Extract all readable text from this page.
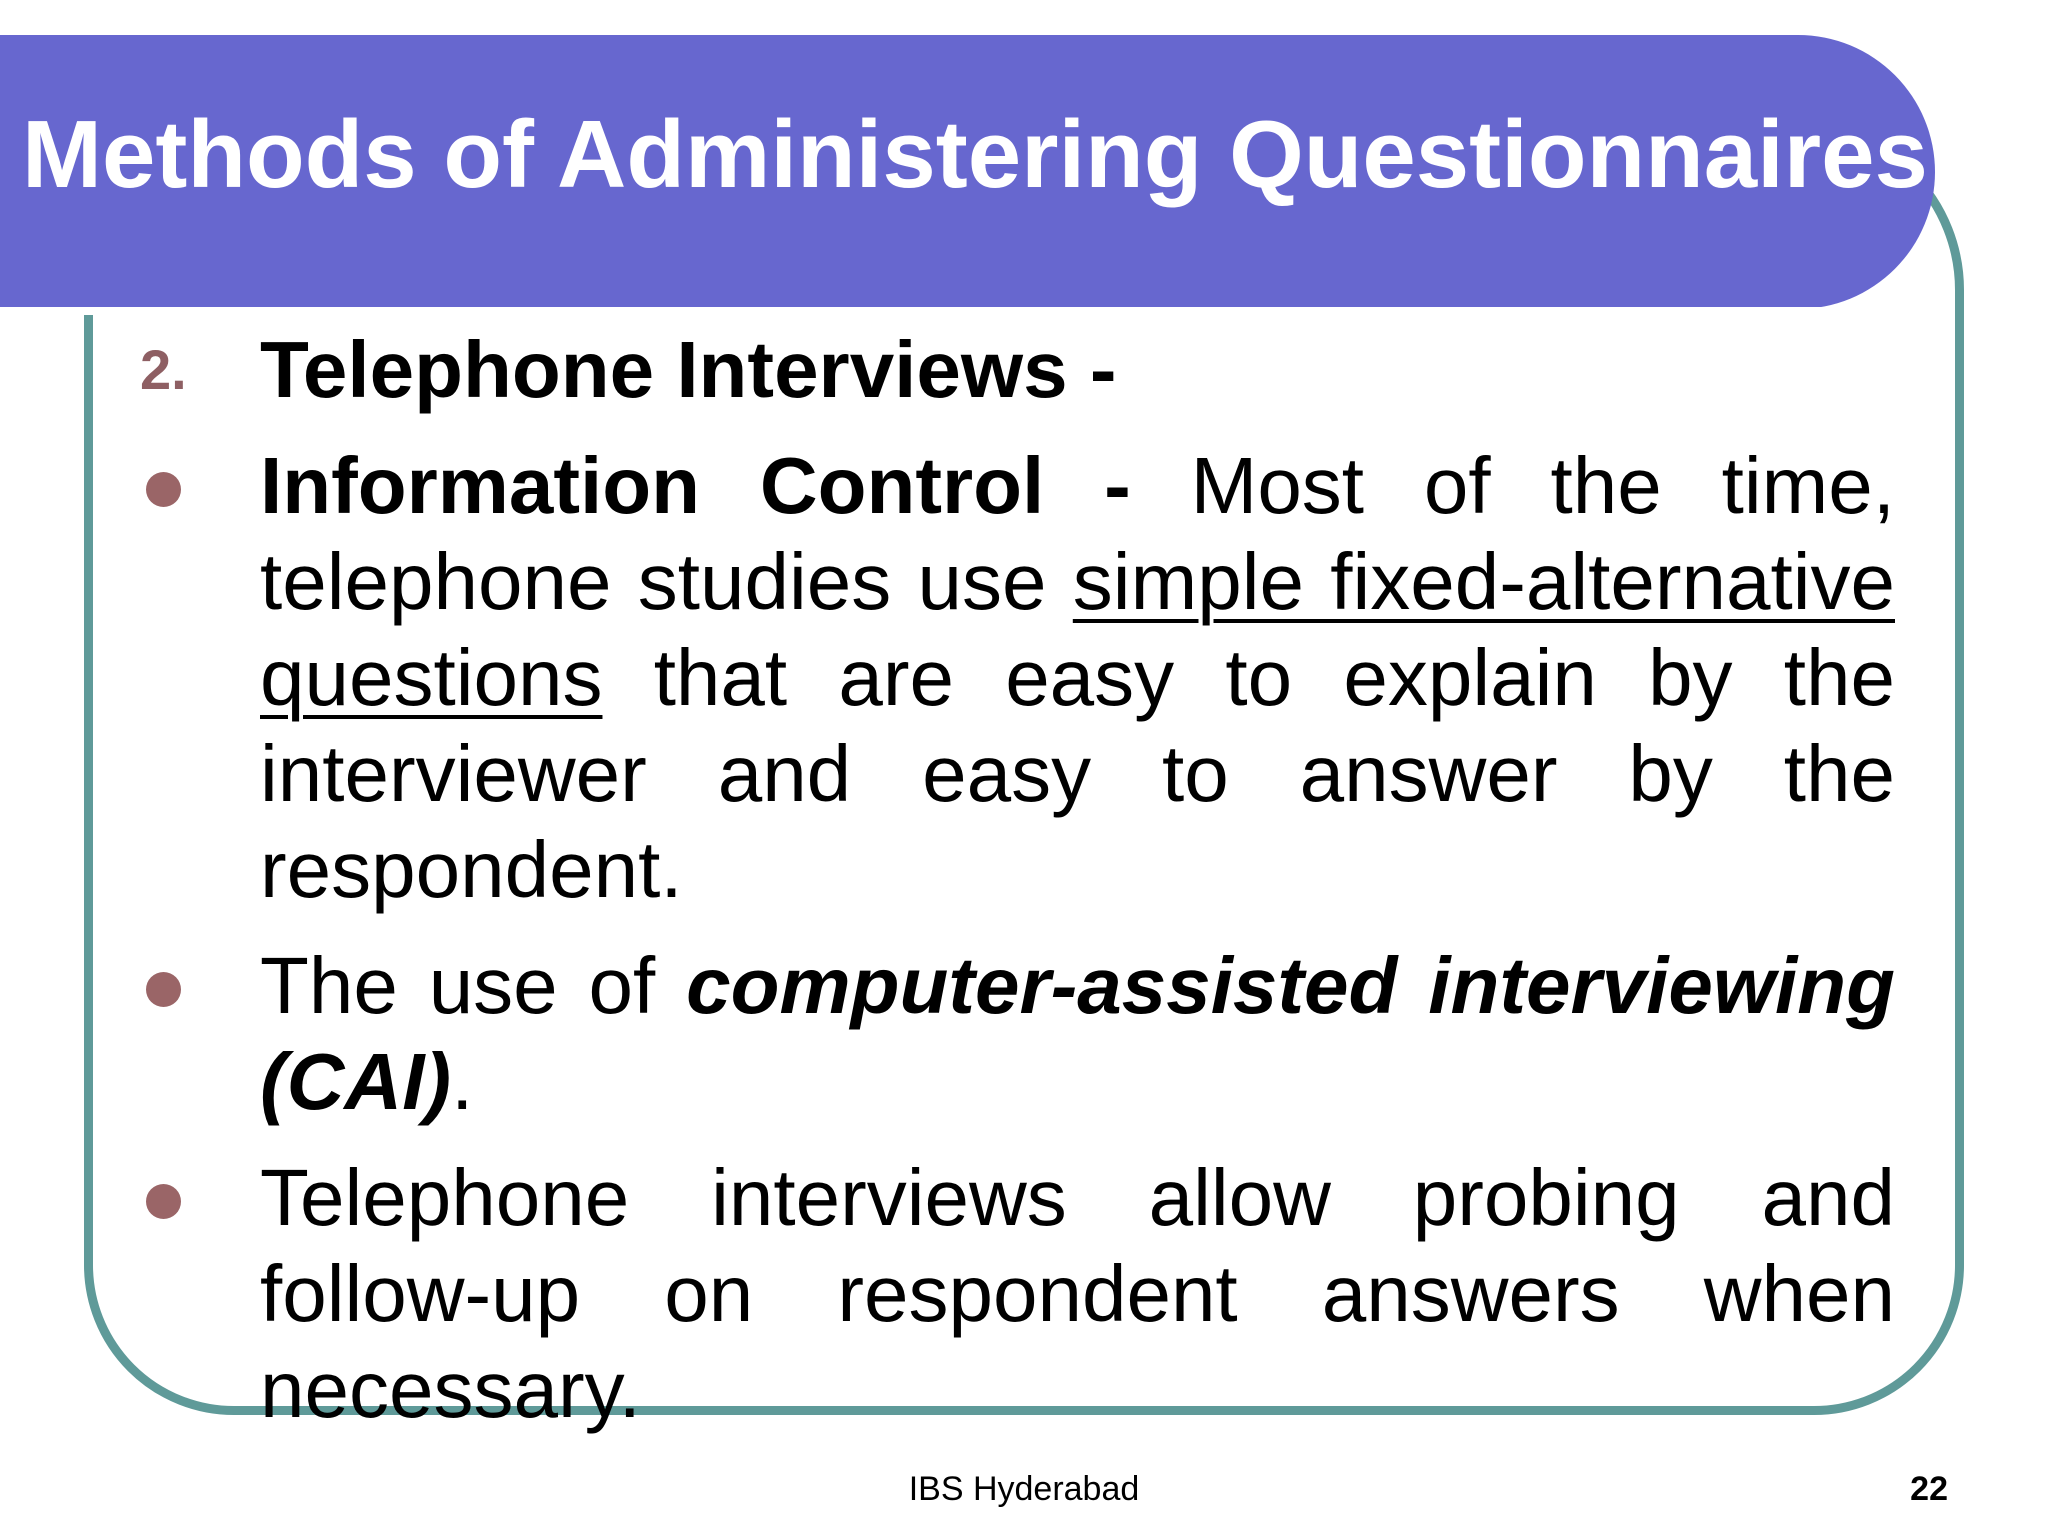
Methods of Administering Questionnaires
2. Telephone Interviews -
Information Control - Most of the time, telephone studies use simple fixed-alternative questions that are easy to explain by the interviewer and easy to answer by the respondent.
The use of computer-assisted interviewing (CAI).
Telephone interviews allow probing and follow-up on respondent answers when necessary.
IBS Hyderabad	22
